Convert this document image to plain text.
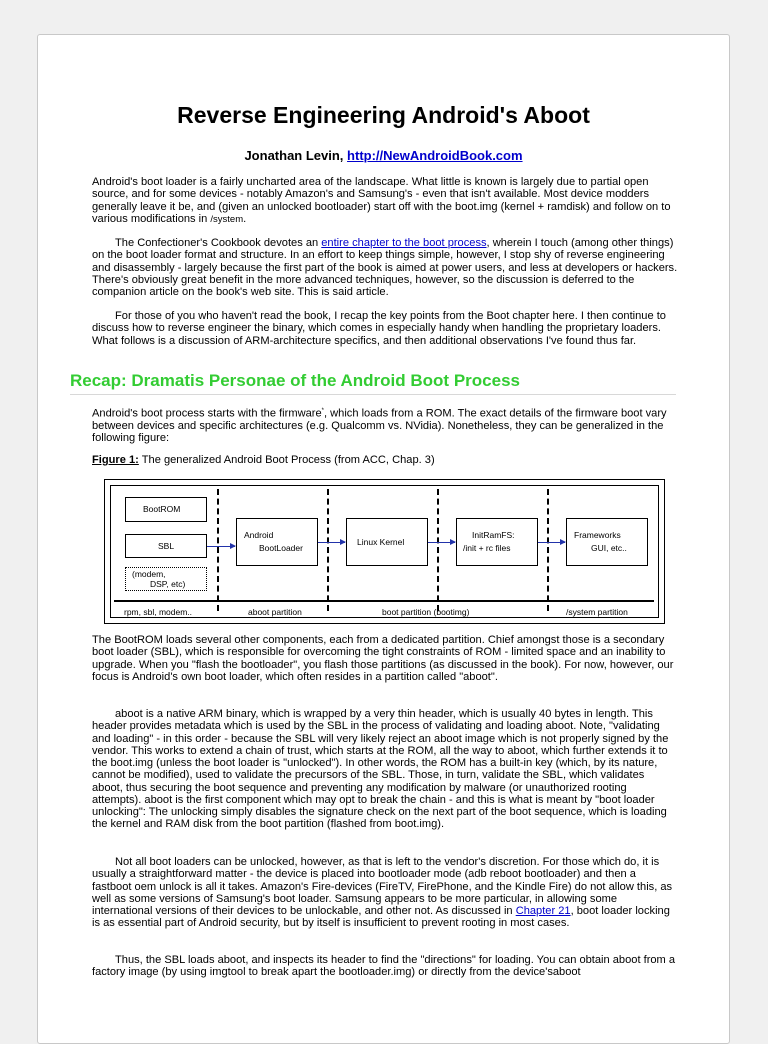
Reverse Engineering Android's Aboot
Jonathan Levin, http://NewAndroidBook.com

Android's boot loader is a fairly uncharted area of the landscape. What little is known is largely due to partial open source, and for some devices - notably Amazon's and Samsung's - even that isn't available. Most device modders generally leave it be, and (given an unlocked bootloader) start off with the boot.img (kernel + ramdisk) and follow on to various modifications in /system.

The Confectioner's Cookbook devotes an entire chapter to the boot process, wherein I touch (among other things) on the boot loader format and structure. In an effort to keep things simple, however, I stop shy of reverse engineering and disassembly - largely because the first part of the book is aimed at power users, and less at developers or hackers. There's obviously great benefit in the more advanced techniques, however, so the discussion is deferred to the companion article on the book's web site. This is said article.

For those of you who haven't read the book, I recap the key points from the Boot chapter here. I then continue to discuss how to reverse engineer the binary, which comes in especially handy when handling the proprietary loaders. What follows is a discussion of ARM-architecture specifics, and then additional observations I've found thus far.

Recap: Dramatis Personae of the Android Boot Process

Android's boot process starts with the firmware*, which loads from a ROM. The exact details of the firmware boot vary between devices and specific architectures (e.g. Qualcomm vs. NVidia). Nonetheless, they can be generalized in the following figure:

Figure 1: The generalized Android Boot Process (from ACC, Chap. 3)
BootROM
SBL
(modem,
DSP, etc)
Android
BootLoader
Linux Kernel
InitRamFS:
/init + rc files
Frameworks
GUI, etc..
rpm, sbl, modem..	aboot partition	boot partition (bootimg)	/system partition

The BootROM loads several other components, each from a dedicated partition. Chief amongst those is a secondary boot loader (SBL), which is responsible for overcoming the tight constraints of ROM - limited space and an inability to upgrade. When you "flash the bootloader", you flash those partitions (as discussed in the book). For now, however, our focus is Android's own boot loader, which often resides in a partition called "aboot".

aboot is a native ARM binary, which is wrapped by a very thin header, which is usually 40 bytes in length. This header provides metadata which is used by the SBL in the process of validating and loading aboot. Note, "validating and loading" - in this order - because the SBL will very likely reject an aboot image which is not properly signed by the vendor. This works to extend a chain of trust, which starts at the ROM, all the way to aboot, which further extends it to the boot.img (unless the boot loader is "unlocked"). In other words, the ROM has a built-in key (which, by its nature, cannot be modified), used to validate the precursors of the SBL. Those, in turn, validate the SBL, which validates aboot, thus securing the boot sequence and preventing any modification by malware (or unauthorized rooting attempts). aboot is the first component which may opt to break the chain - and this is what is meant by "boot loader unlocking": The unlocking simply disables the signature check on the next part of the boot sequence, which is loading the kernel and RAM disk from the boot partition (flashed from boot.img).

Not all boot loaders can be unlocked, however, as that is left to the vendor's discretion. For those which do, it is usually a straightforward matter - the device is placed into bootloader mode (adb reboot bootloader) and then a fastboot oem unlock is all it takes. Amazon's Fire-devices (FireTV, FirePhone, and the Kindle Fire) do not allow this, as well as some versions of Samsung's boot loader. Samsung appears to be more particular, in allowing some international versions of their devices to be unlockable, and other not. As discussed in Chapter 21, boot loader locking is as essential part of Android security, but by itself is insufficient to prevent rooting in most cases.

Thus, the SBL loads aboot, and inspects its header to find the "directions" for loading. You can obtain aboot from a factory image (by using imgtool to break apart the bootloader.img) or directly from the device'saboot
